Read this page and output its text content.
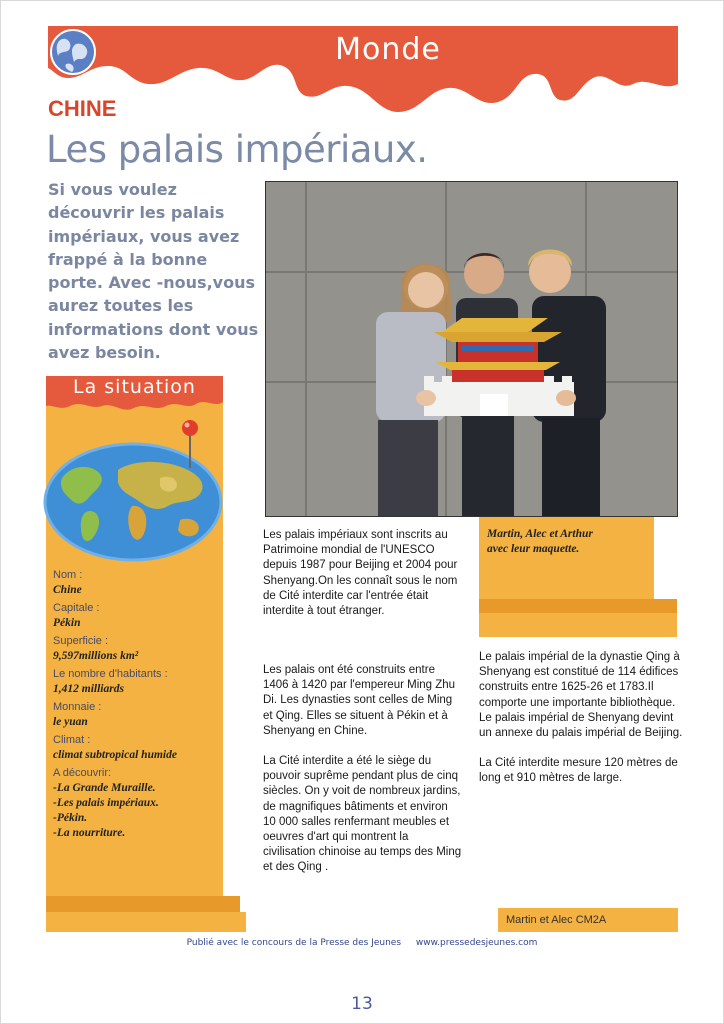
Monde
CHINE
Les palais impériaux.
Si vous voulez découvrir les palais impériaux, vous avez frappé à la bonne porte. Avec -nous,vous aurez toutes les informations dont vous avez besoin.
La situation
Nom :
Chine
Capitale :
Pékin
Superficie :
9,597millions km²
Le nombre d'habitants :
1,412 milliards
Monnaie :
le yuan
Climat :
climat subtropical humide
A découvrir:
-La Grande Muraille.
-Les palais impériaux.
-Pékin.
-La nourriture.
Martin, Alec et Arthur
avec leur maquette.

Les palais impériaux sont inscrits au Patrimoine mondial de l'UNESCO depuis 1987 pour Beijing et 2004 pour Shenyang.On les connaît sous le nom de Cité interdite car l'entrée était interdite à tout étranger.

Les palais ont été construits entre 1406 à 1420 par l'empereur Ming Zhu Di. Les dynasties sont celles de Ming et Qing. Elles se situent à Pékin et à Shenyang en Chine.

La Cité interdite a été le siège du pouvoir suprême pendant plus de cinq siècles. On y voit de nombreux jardins, de magnifiques bâtiments et environ 10 000 salles renfermant meubles et oeuvres d'art qui montrent la civilisation chinoise au temps des Ming et des Qing .

Le palais impérial de la dynastie Qing à Shenyang est constitué de 114 édifices construits entre 1625-26 et 1783.Il comporte une importante bibliothèque.

Le palais impérial de Shenyang devint un annexe du palais impérial de Beijing.

La Cité interdite mesure 120 mètres de long et 910 mètres de large.

Martin et Alec CM2A
Publié avec le concours de la Presse des Jeunes www.pressedesjeunes.com
13
